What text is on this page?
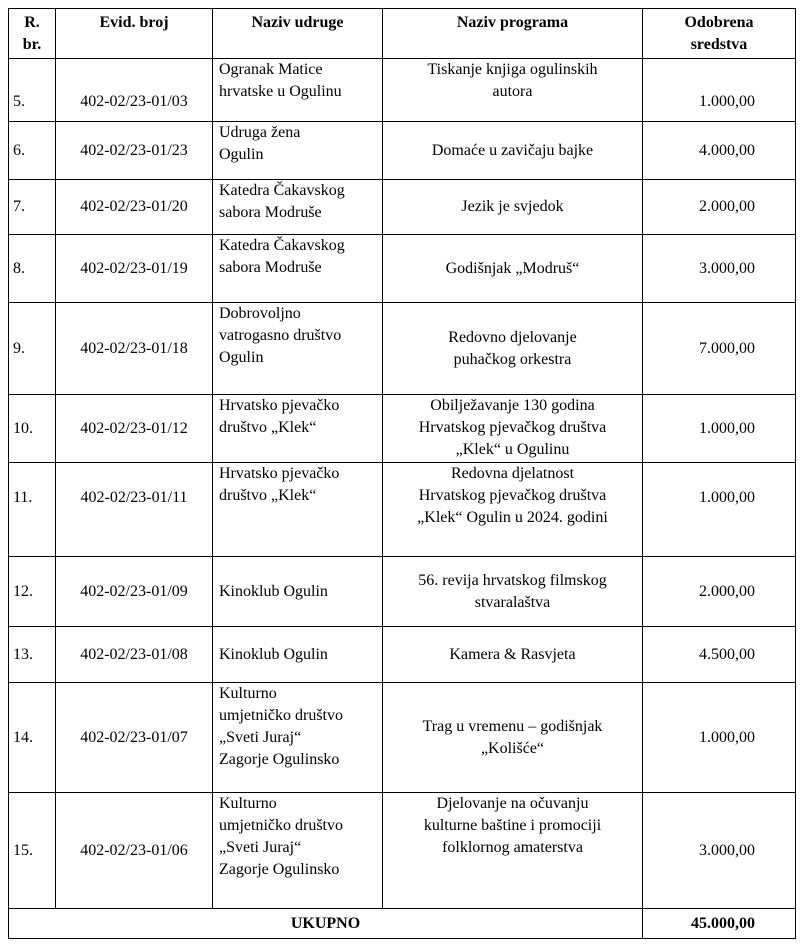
R.
br.	Evid. broj	Naziv udruge	Naziv programa	Odobrena
sredstva
5.	402-02/23-01/03	Ogranak Matice
hrvatske u Ogulinu	Tiskanje knjiga ogulinskih
autora	1.000,00
6.	402-02/23-01/23	Udruga žena
Ogulin	Domaće u zavičaju bajke	4.000,00
7.	402-02/23-01/20	Katedra Čakavskog
sabora Modruše	Jezik je svjedok	2.000,00
8.	402-02/23-01/19	Katedra Čakavskog
sabora Modruše	Godišnjak „Modruš“	3.000,00
9.	402-02/23-01/18	Dobrovoljno
vatrogasno društvo
Ogulin	Redovno djelovanje
puhačkog orkestra	7.000,00
10.	402-02/23-01/12	Hrvatsko pjevačko
društvo „Klek“	Obilježavanje 130 godina
Hrvatskog pjevačkog društva
„Klek“ u Ogulinu	1.000,00
11.	402-02/23-01/11	Hrvatsko pjevačko
društvo „Klek“	Redovna djelatnost
Hrvatskog pjevačkog društva
„Klek“ Ogulin u 2024. godini	1.000,00
12.	402-02/23-01/09	Kinoklub Ogulin	56. revija hrvatskog filmskog
stvaralaštva	2.000,00
13.	402-02/23-01/08	Kinoklub Ogulin	Kamera & Rasvjeta	4.500,00
14.	402-02/23-01/07	Kulturno
umjetničko društvo
„Sveti Juraj“
Zagorje Ogulinsko	Trag u vremenu – godišnjak
„Kolišće“	1.000,00
15.	402-02/23-01/06	Kulturno
umjetničko društvo
„Sveti Juraj“
Zagorje Ogulinsko	Djelovanje na očuvanju
kulturne baštine i promociji
folklornog amaterstva	3.000,00
UKUPNO				45.000,00
